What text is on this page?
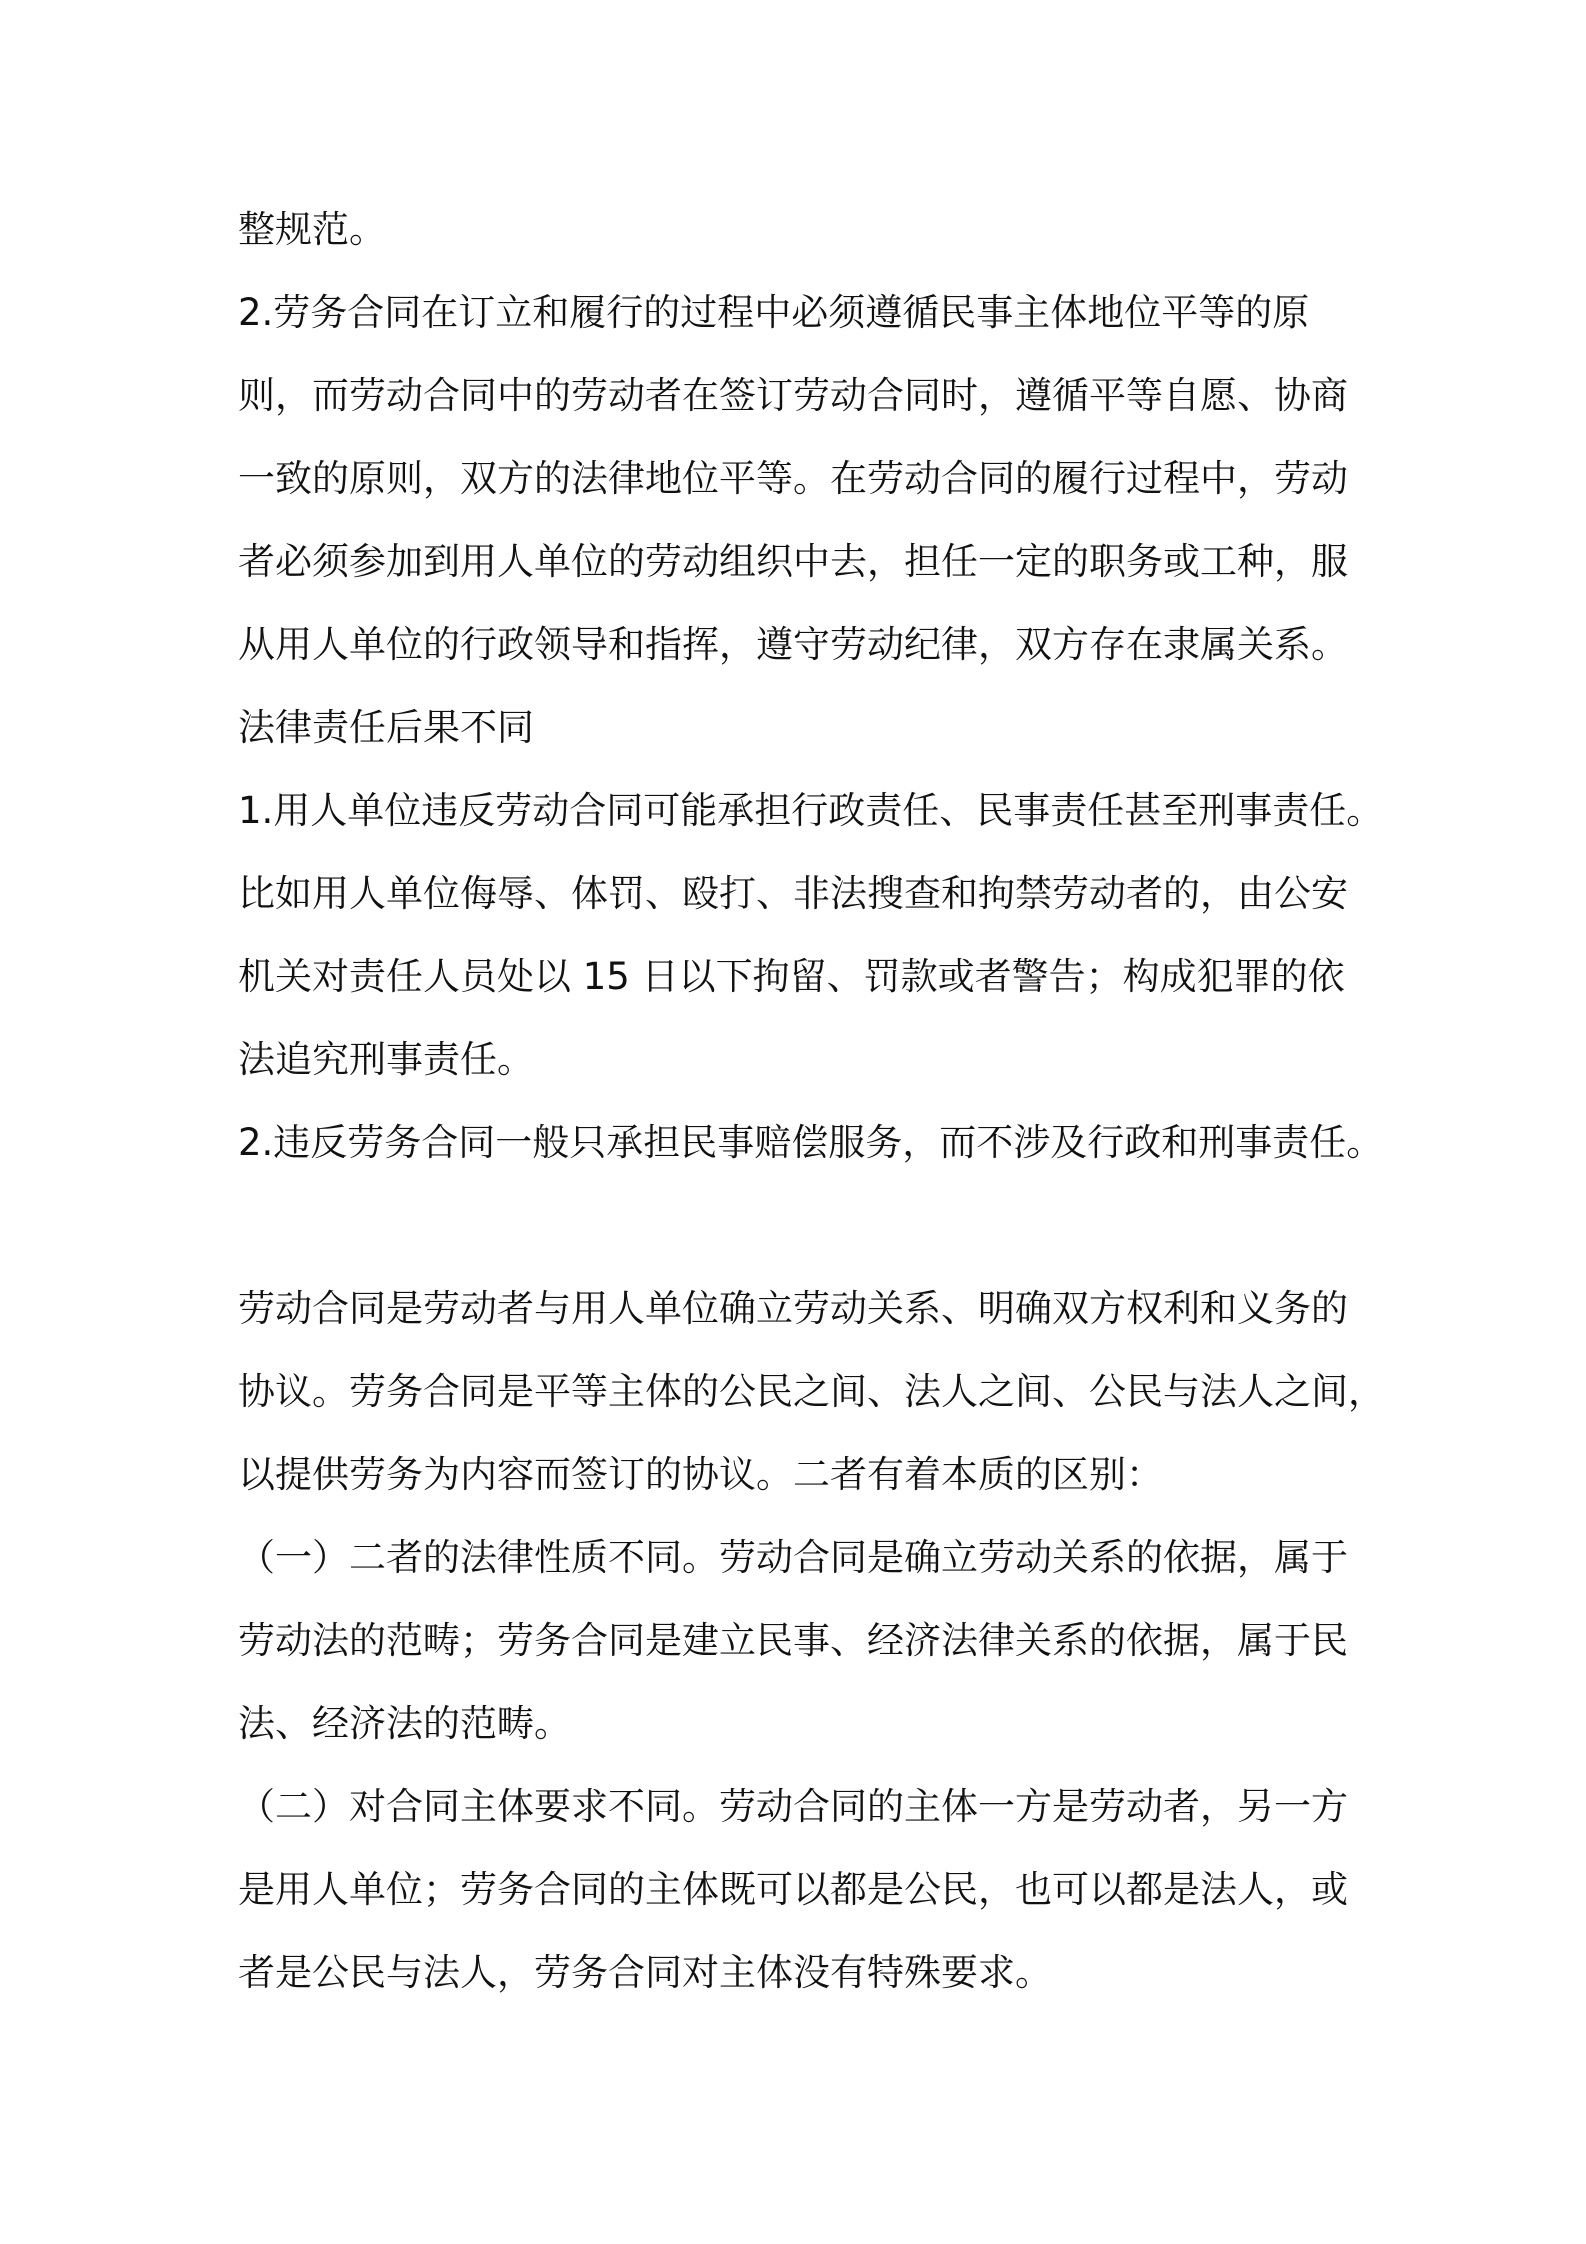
整规范。
2.劳务合同在订立和履行的过程中必须遵循民事主体地位平等的原
则，而劳动合同中的劳动者在签订劳动合同时，遵循平等自愿、协商
一致的原则，双方的法律地位平等。在劳动合同的履行过程中，劳动
者必须参加到用人单位的劳动组织中去，担任一定的职务或工种，服
从用人单位的行政领导和指挥，遵守劳动纪律，双方存在隶属关系。
法律责任后果不同
1.用人单位违反劳动合同可能承担行政责任、民事责任甚至刑事责任。
比如用人单位侮辱、体罚、殴打、非法搜查和拘禁劳动者的，由公安
机关对责任人员处以 15 日以下拘留、罚款或者警告；构成犯罪的依
法追究刑事责任。
2.违反劳务合同一般只承担民事赔偿服务，而不涉及行政和刑事责任。
劳动合同是劳动者与用人单位确立劳动关系、明确双方权利和义务的
协议。劳务合同是平等主体的公民之间、法人之间、公民与法人之间，
以提供劳务为内容而签订的协议。二者有着本质的区别：
（一）二者的法律性质不同。劳动合同是确立劳动关系的依据，属于
劳动法的范畴；劳务合同是建立民事、经济法律关系的依据，属于民
法、经济法的范畴。
（二）对合同主体要求不同。劳动合同的主体一方是劳动者，另一方
是用人单位；劳务合同的主体既可以都是公民，也可以都是法人，或
者是公民与法人，劳务合同对主体没有特殊要求。
